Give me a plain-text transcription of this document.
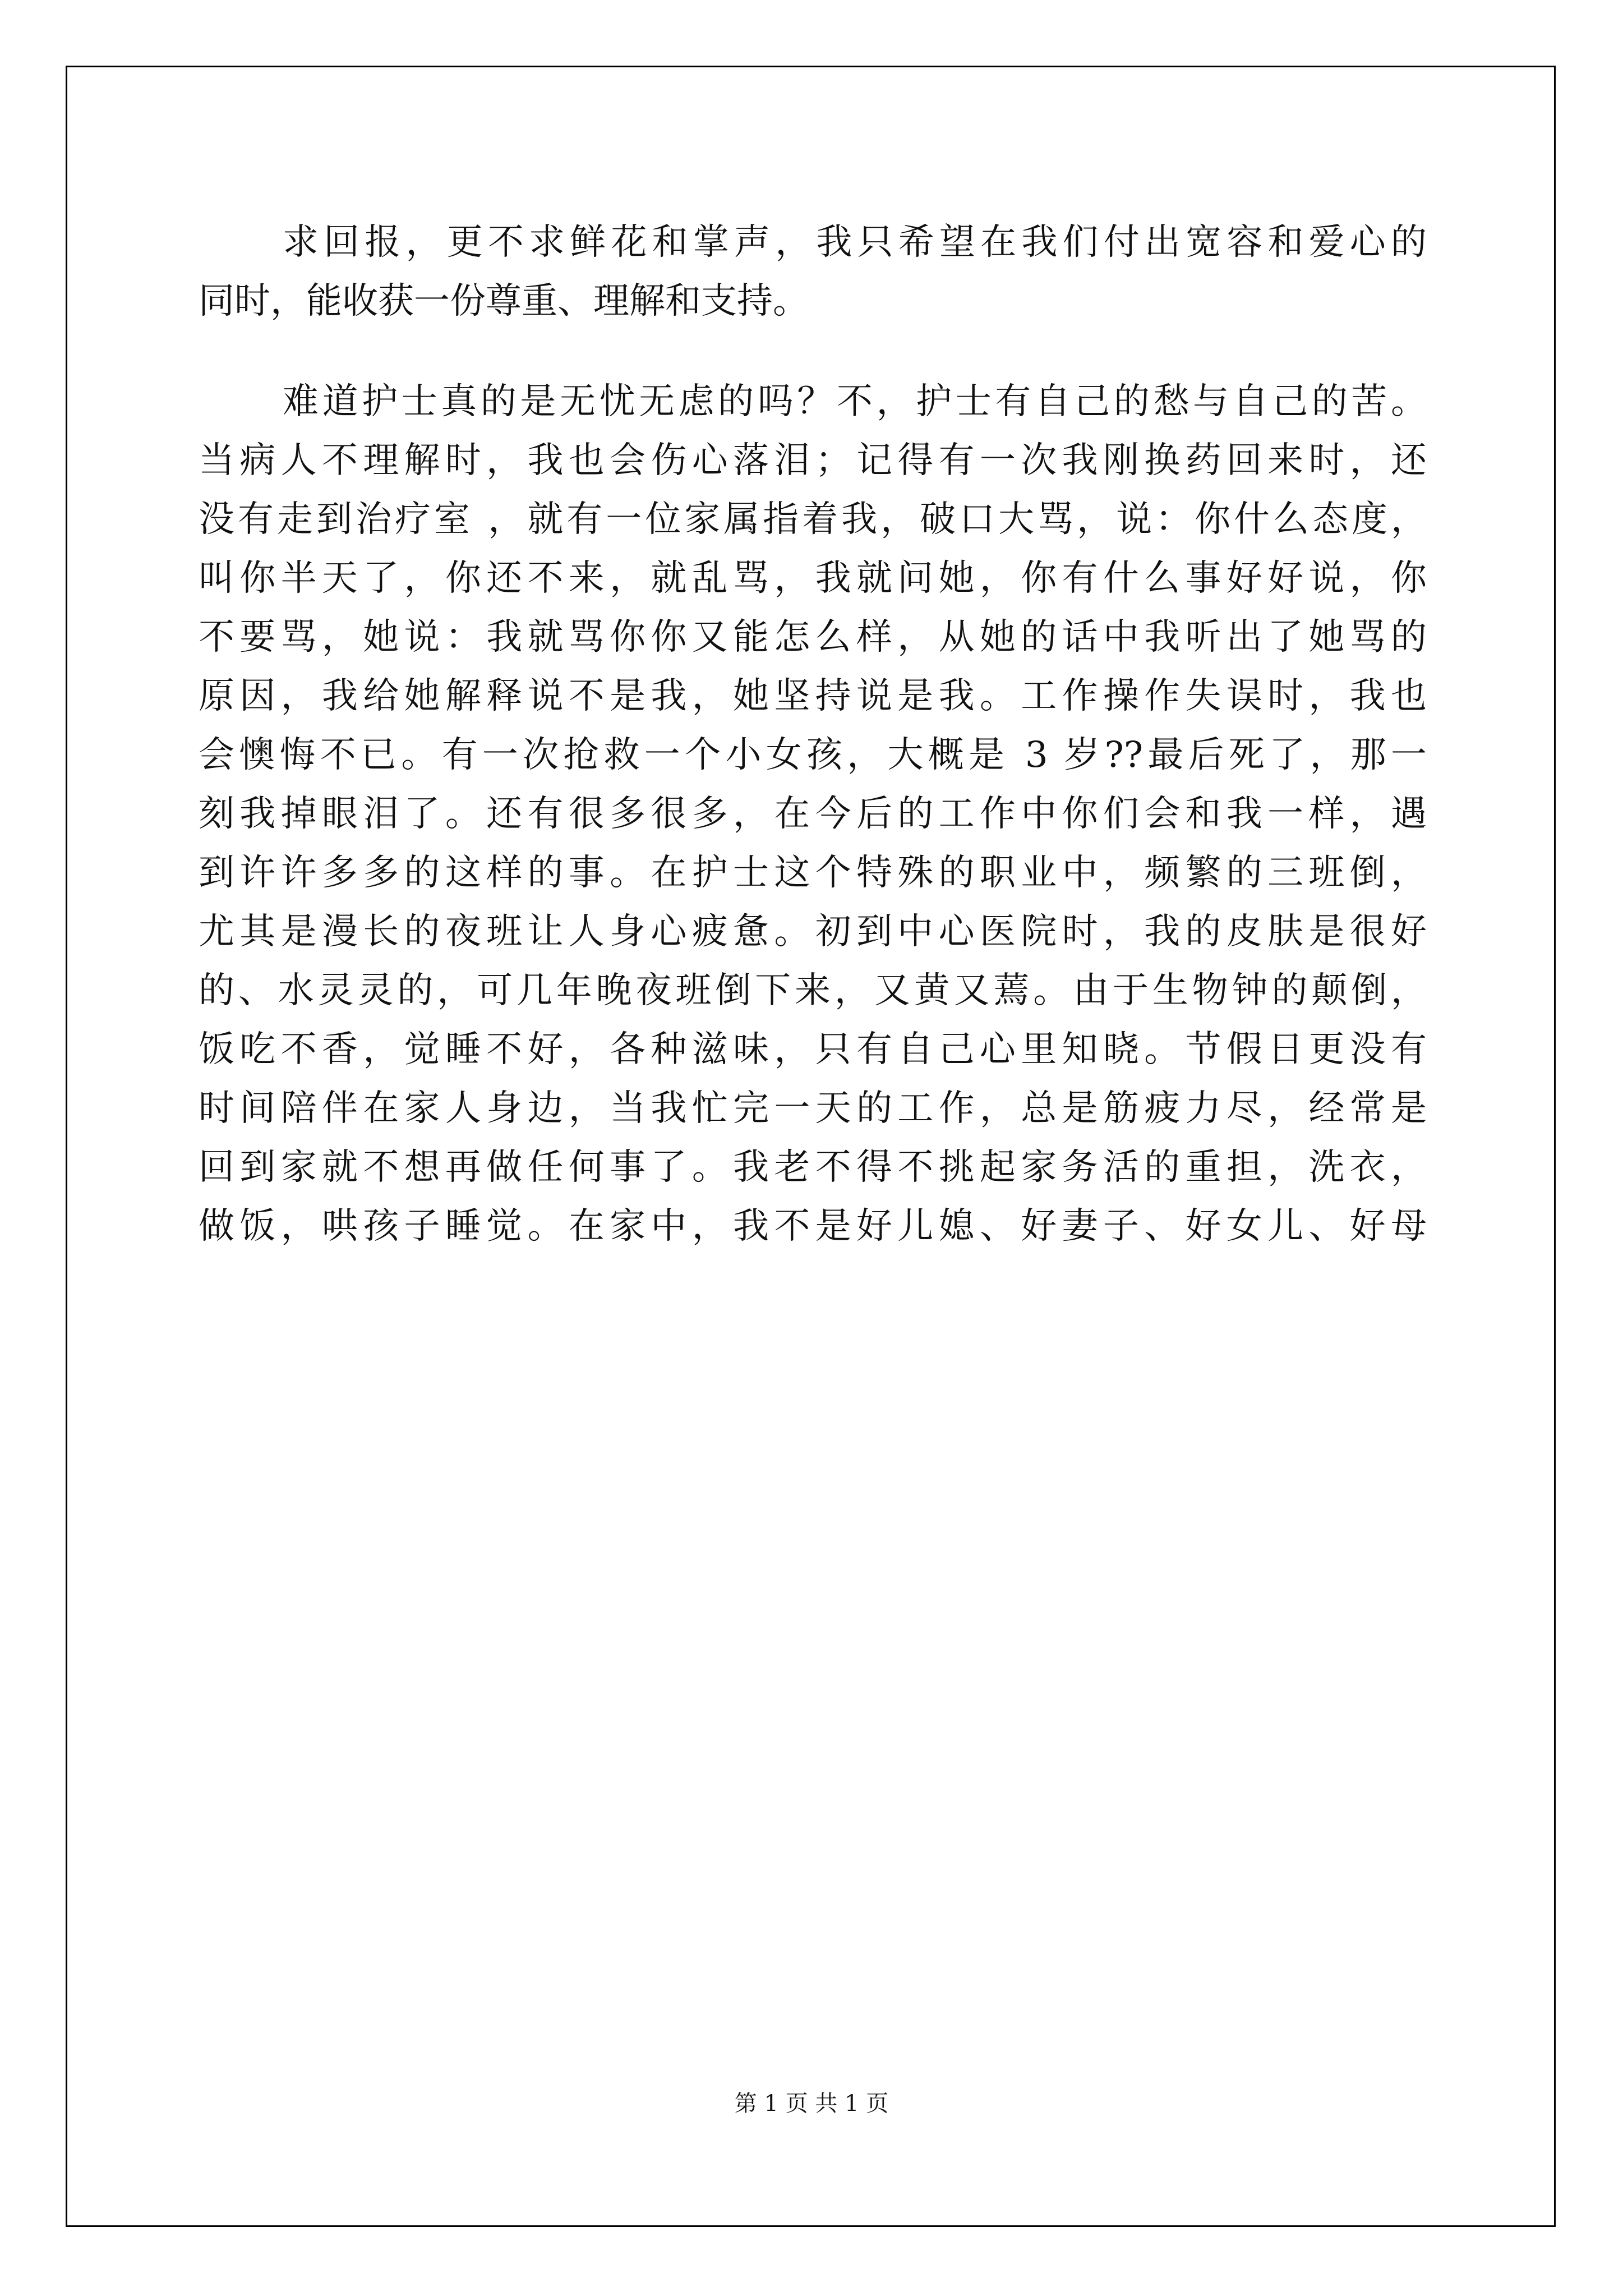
求回报，更不求鲜花和掌声，我只希望在我们付出宽容和爱心的
同时，能收获一份尊重、理解和支持。
难道护士真的是无忧无虑的吗？不，护士有自己的愁与自己的苦。
当病人不理解时，我也会伤心落泪；记得有一次我刚换药回来时，还
没有走到治疗室 ，就有一位家属指着我，破口大骂，说：你什么态度，
叫你半天了，你还不来，就乱骂，我就问她，你有什么事好好说，你
不要骂，她说：我就骂你你又能怎么样，从她的话中我听出了她骂的
原因，我给她解释说不是我，她坚持说是我。工作操作失误时，我也
会懊悔不已。有一次抢救一个小女孩，大概是 3 岁??最后死了，那一
刻我掉眼泪了。还有很多很多，在今后的工作中你们会和我一样，遇
到许许多多的这样的事。在护士这个特殊的职业中，频繁的三班倒，
尤其是漫长的夜班让人身心疲惫。初到中心医院时，我的皮肤是很好
的、水灵灵的，可几年晚夜班倒下来，又黄又蔫。由于生物钟的颠倒，
饭吃不香，觉睡不好，各种滋味，只有自己心里知晓。节假日更没有
时间陪伴在家人身边，当我忙完一天的工作，总是筋疲力尽，经常是
回到家就不想再做任何事了。我老不得不挑起家务活的重担，洗衣，
做饭，哄孩子睡觉。在家中，我不是好儿媳、好妻子、好女儿、好母
第 1 页 共 1 页
